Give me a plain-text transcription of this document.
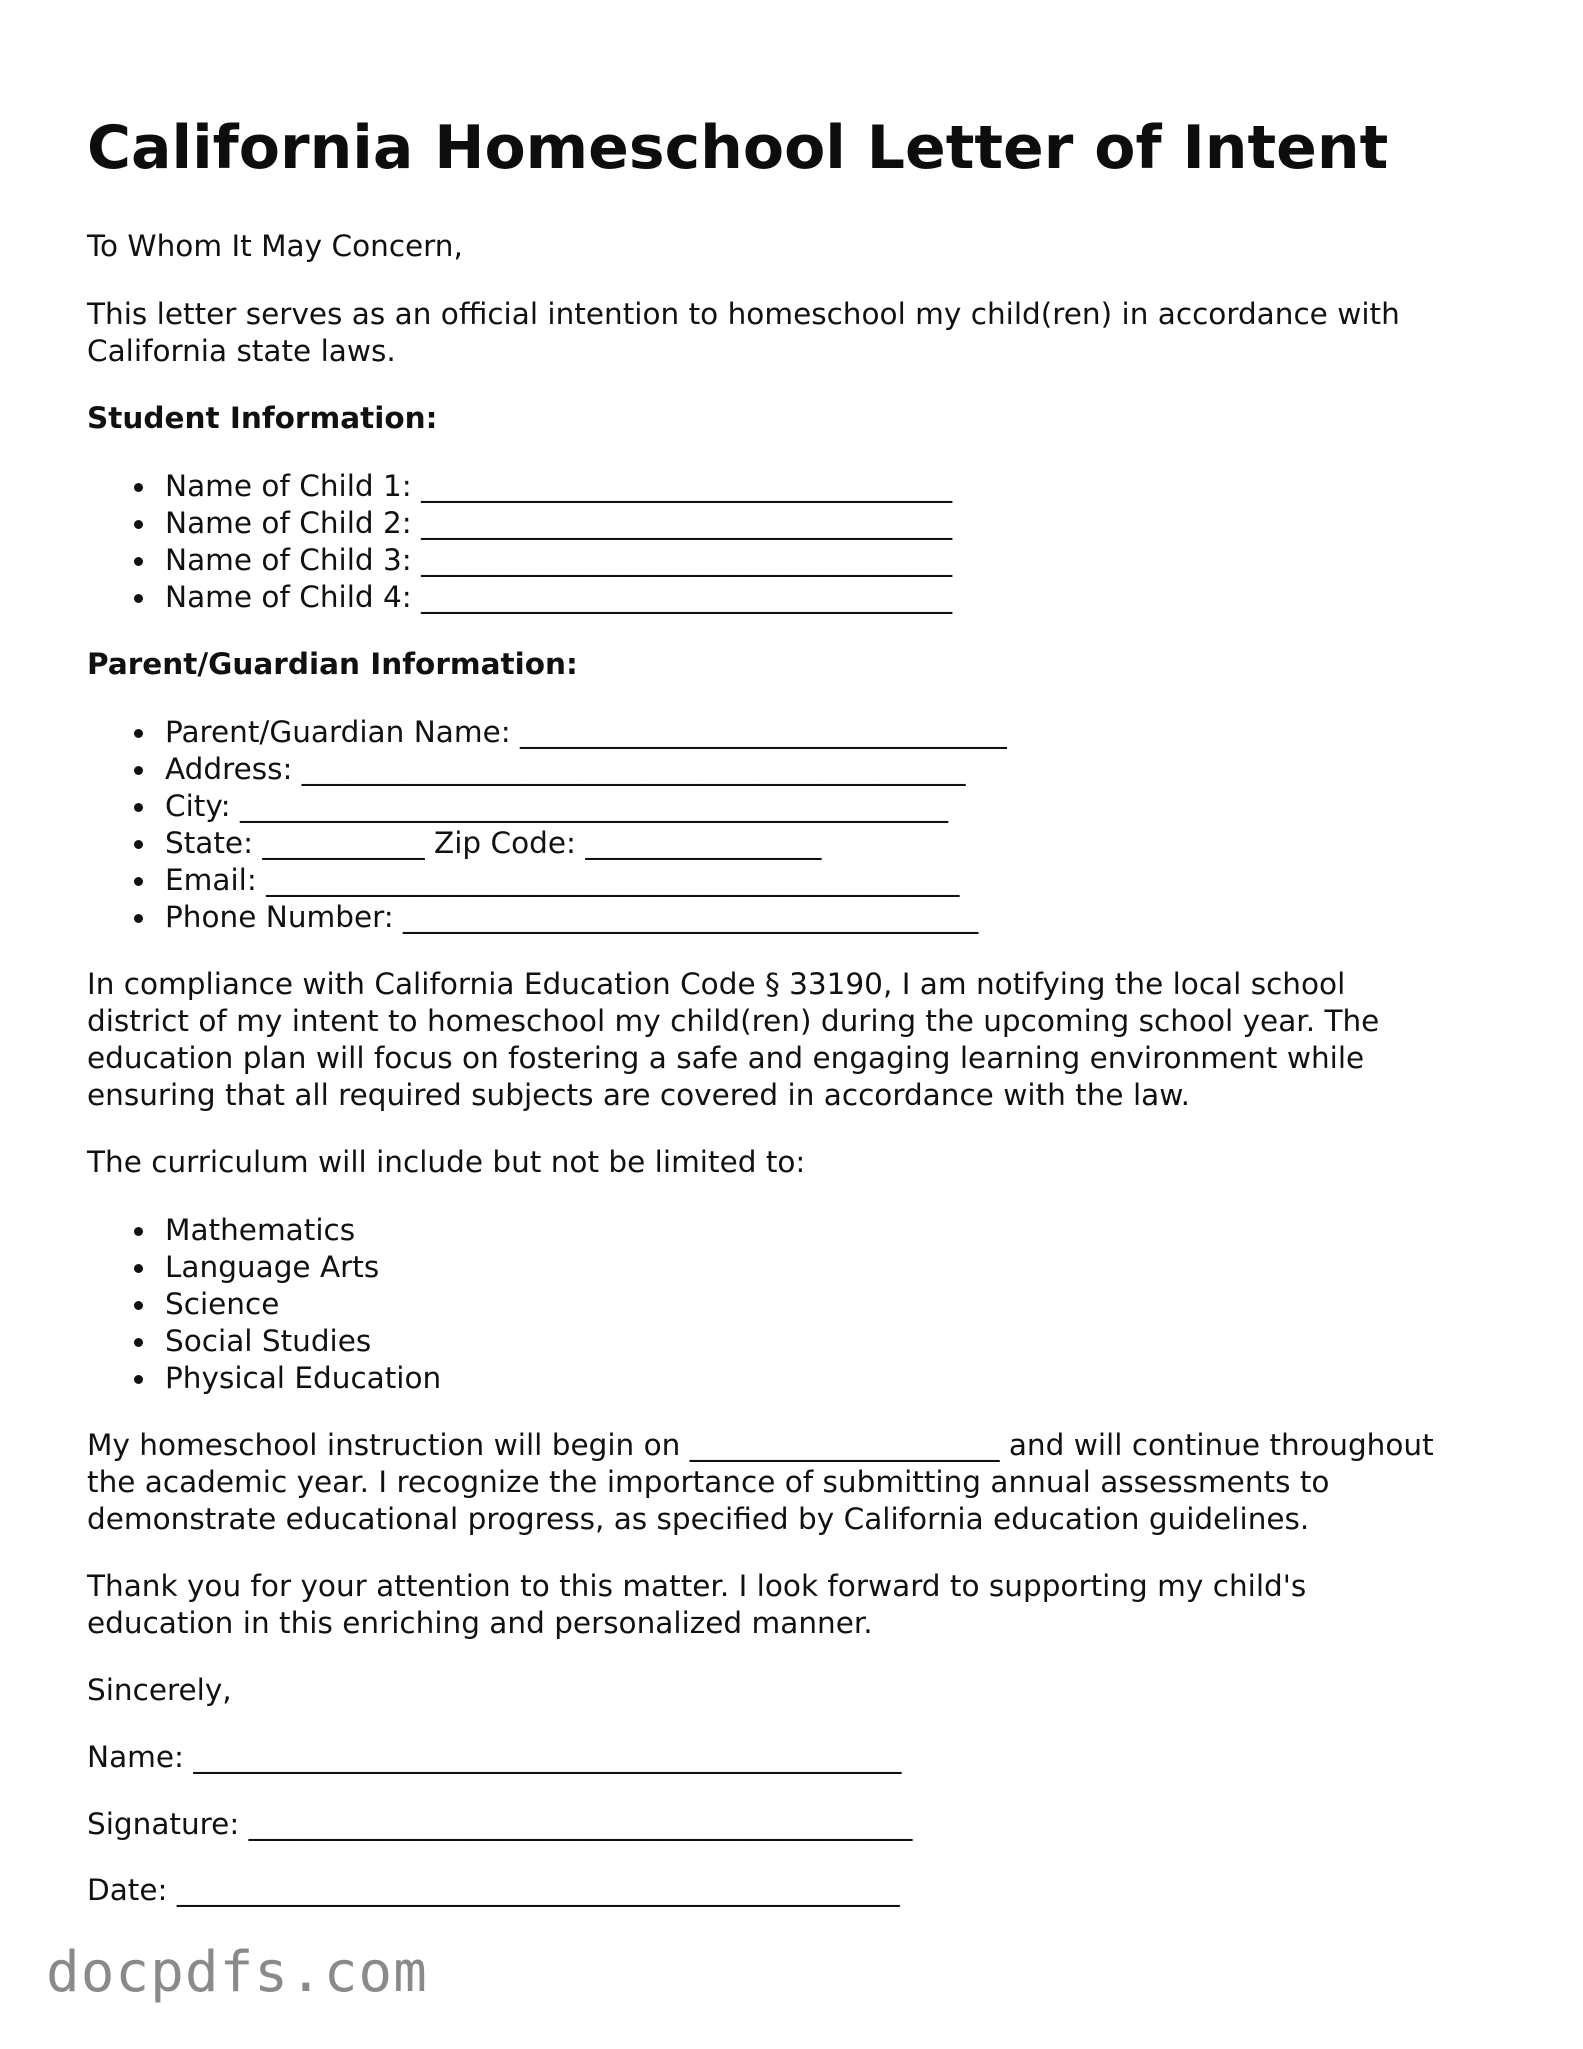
California Homeschool Letter of Intent

To Whom It May Concern,

This letter serves as an official intention to homeschool my child(ren) in accordance with
California state laws.

Student Information:

Name of Child 1: ____________________________________
Name of Child 2: ____________________________________
Name of Child 3: ____________________________________
Name of Child 4: ____________________________________

Parent/Guardian Information:

Parent/Guardian Name: _________________________________
Address: _____________________________________________
City: ________________________________________________
State: ___________ Zip Code: ________________
Email: _______________________________________________
Phone Number: _______________________________________
In compliance with California Education Code § 33190, I am notifying the local school
district of my intent to homeschool my child(ren) during the upcoming school year. The
education plan will focus on fostering a safe and engaging learning environment while
ensuring that all required subjects are covered in accordance with the law.

The curriculum will include but not be limited to:

Mathematics
Language Arts
Science
Social Studies
Physical Education
My homeschool instruction will begin on _____________________ and will continue throughout
the academic year. I recognize the importance of submitting annual assessments to
demonstrate educational progress, as specified by California education guidelines.
Thank you for your attention to this matter. I look forward to supporting my child's
education in this enriching and personalized manner.

Sincerely,

Name: ________________________________________________

Signature: _____________________________________________

Date: _________________________________________________

docpdfs.com
